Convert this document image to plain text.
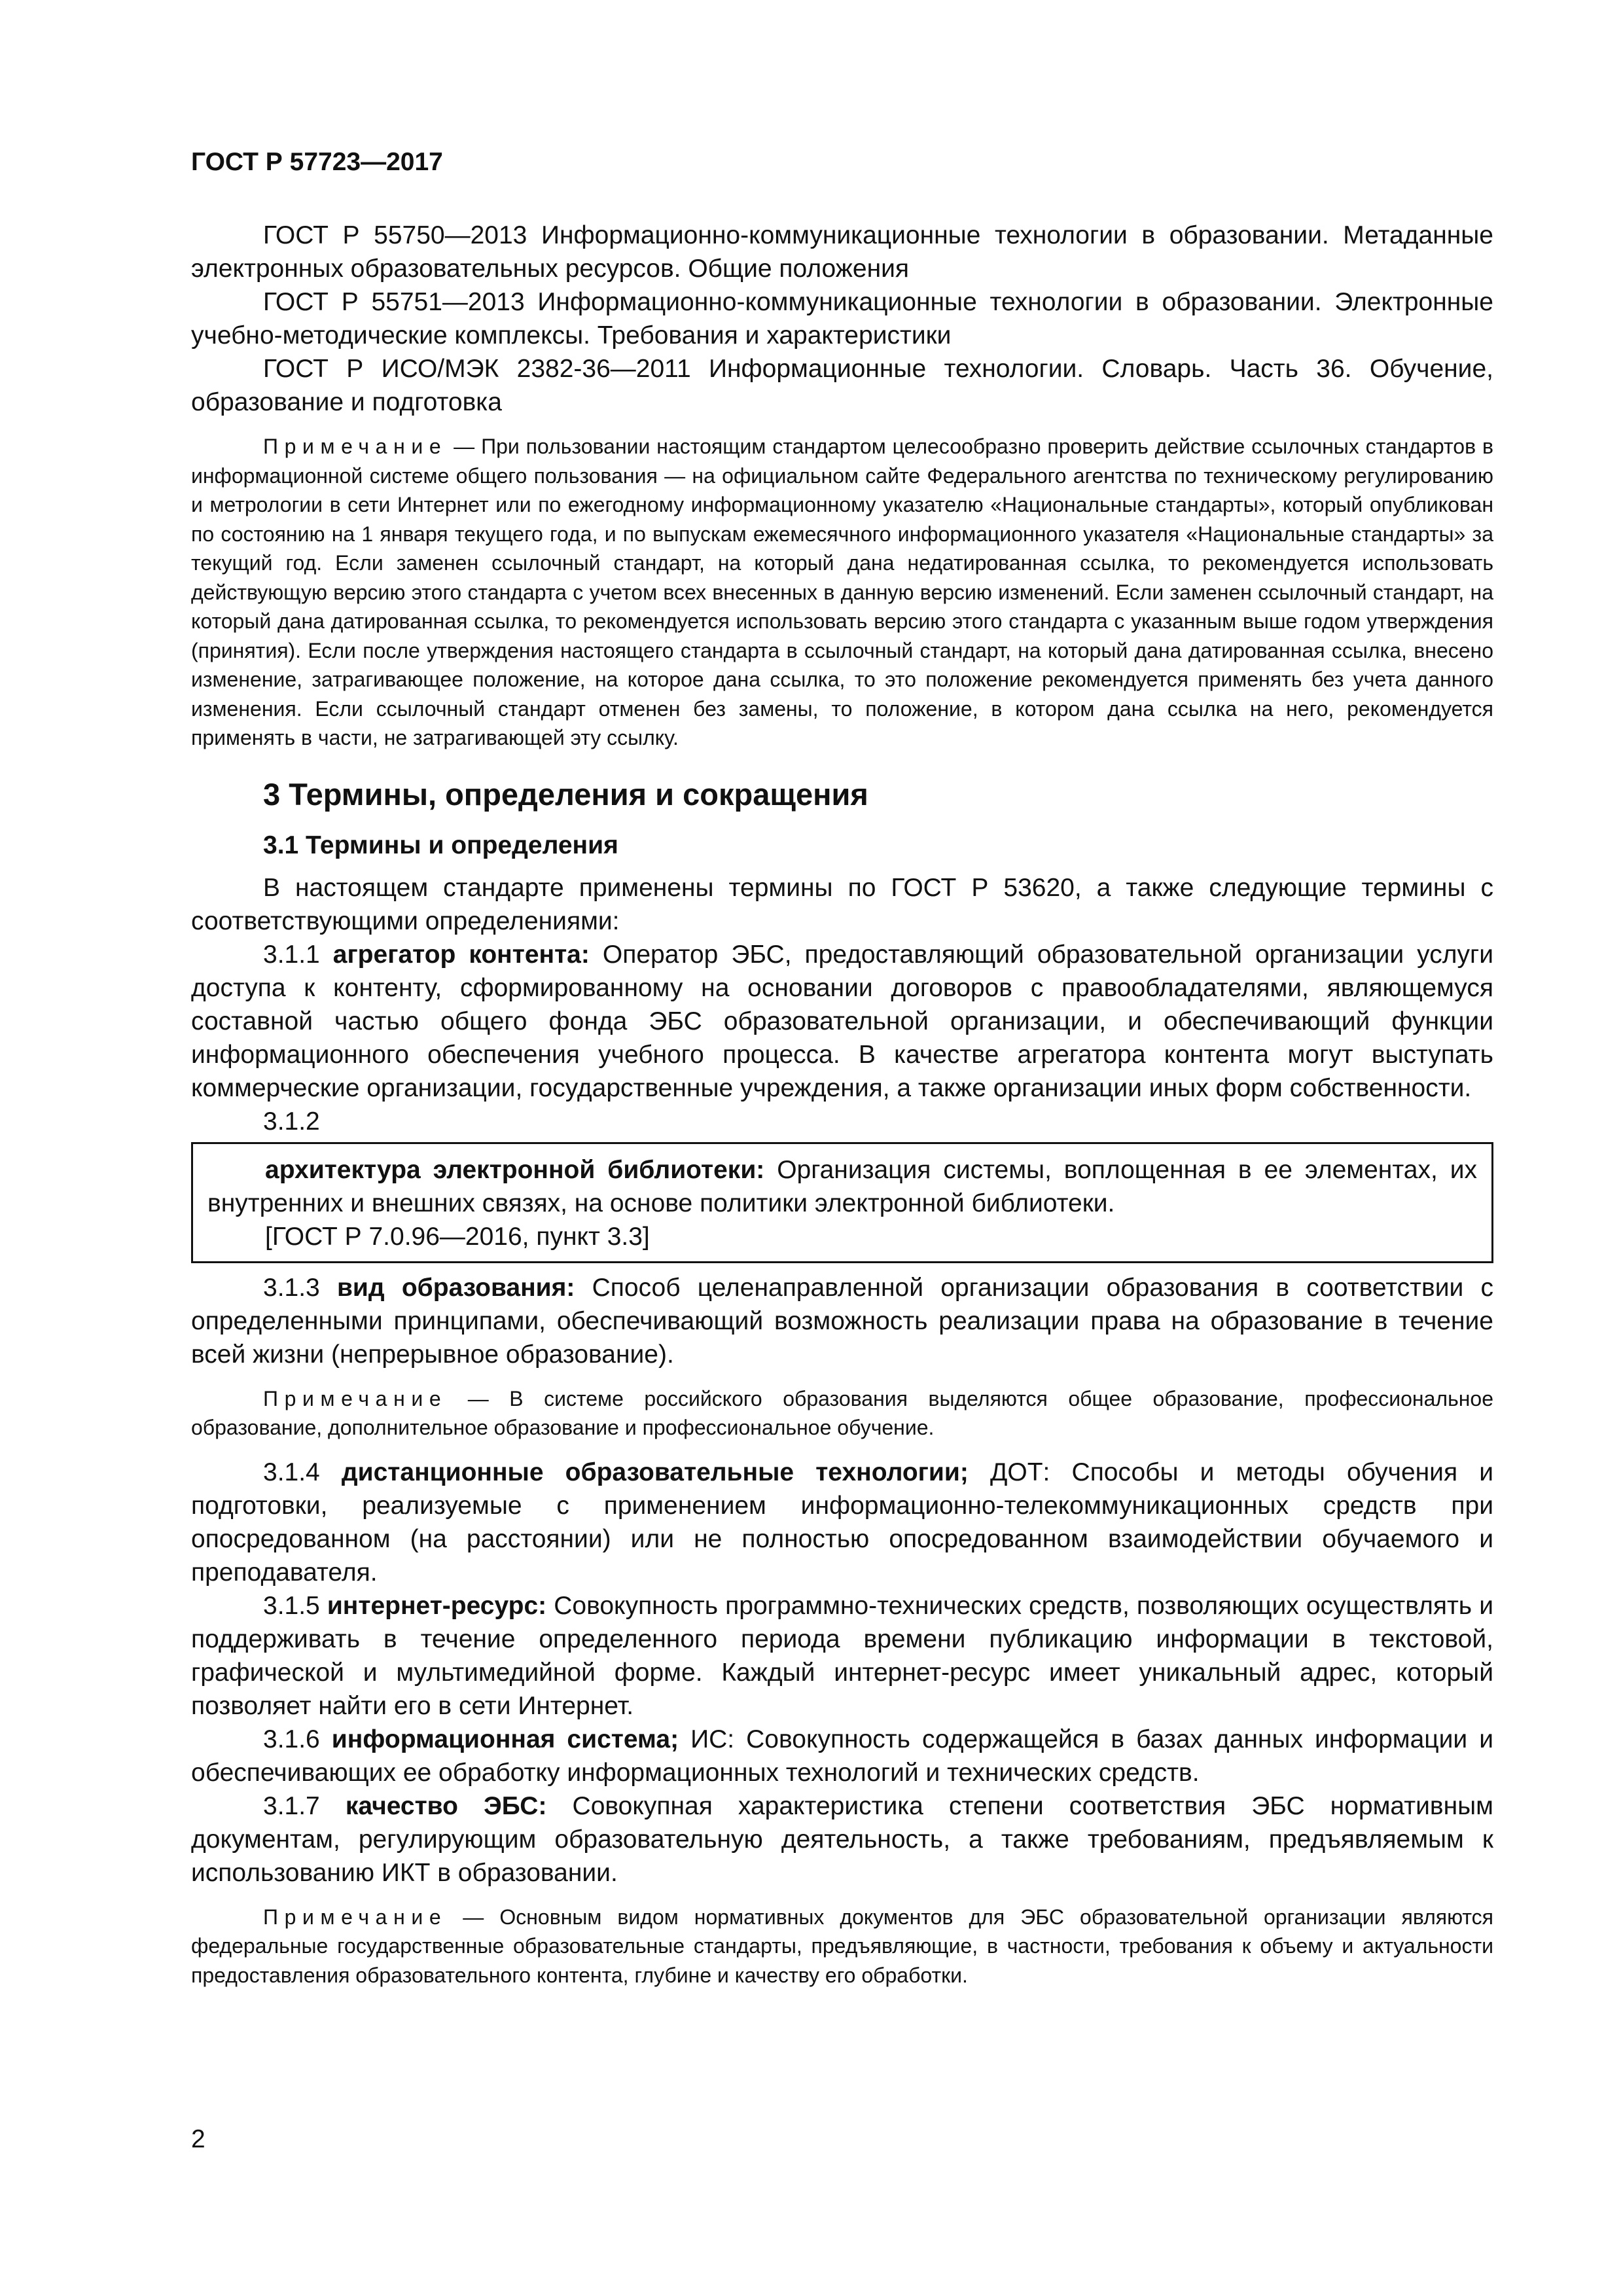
ГОСТ Р 57723—2017

ГОСТ Р 55750—2013 Информационно-коммуникационные технологии в образовании. Метаданные электронных образовательных ресурсов. Общие положения

ГОСТ Р 55751—2013 Информационно-коммуникационные технологии в образовании. Электронные учебно-методические комплексы. Требования и характеристики

ГОСТ Р ИСО/МЭК 2382-36—2011 Информационные технологии. Словарь. Часть 36. Обучение, образование и подготовка

Примечание — При пользовании настоящим стандартом целесообразно проверить действие ссылочных стандартов в информационной системе общего пользования — на официальном сайте Федерального агентства по техническому регулированию и метрологии в сети Интернет или по ежегодному информационному указателю «Национальные стандарты», который опубликован по состоянию на 1 января текущего года, и по выпускам ежемесячного информационного указателя «Национальные стандарты» за текущий год. Если заменен ссылочный стандарт, на который дана недатированная ссылка, то рекомендуется использовать действующую версию этого стандарта с учетом всех внесенных в данную версию изменений. Если заменен ссылочный стандарт, на который дана датированная ссылка, то рекомендуется использовать версию этого стандарта с указанным выше годом утверждения (принятия). Если после утверждения настоящего стандарта в ссылочный стандарт, на который дана датированная ссылка, внесено изменение, затрагивающее положение, на которое дана ссылка, то это положение рекомендуется применять без учета данного изменения. Если ссылочный стандарт отменен без замены, то положение, в котором дана ссылка на него, рекомендуется применять в части, не затрагивающей эту ссылку.

3 Термины, определения и сокращения

3.1 Термины и определения

В настоящем стандарте применены термины по ГОСТ Р 53620, а также следующие термины с соответствующими определениями:

3.1.1 агрегатор контента: Оператор ЭБС, предоставляющий образовательной организации услуги доступа к контенту, сформированному на основании договоров с правообладателями, являющемуся составной частью общего фонда ЭБС образовательной организации, и обеспечивающий функции информационного обеспечения учебного процесса. В качестве агрегатора контента могут выступать коммерческие организации, государственные учреждения, а также организации иных форм собственности.

3.1.2

архитектура электронной библиотеки: Организация системы, воплощенная в ее элементах, их внутренних и внешних связях, на основе политики электронной библиотеки.

[ГОСТ Р 7.0.96—2016, пункт 3.3]

3.1.3 вид образования: Способ целенаправленной организации образования в соответствии с определенными принципами, обеспечивающий возможность реализации права на образование в течение всей жизни (непрерывное образование).

Примечание — В системе российского образования выделяются общее образование, профессиональное образование, дополнительное образование и профессиональное обучение.

3.1.4 дистанционные образовательные технологии; ДОТ: Способы и методы обучения и подготовки, реализуемые с применением информационно-телекоммуникационных средств при опосредованном (на расстоянии) или не полностью опосредованном взаимодействии обучаемого и преподавателя.

3.1.5 интернет-ресурс: Совокупность программно-технических средств, позволяющих осуществлять и поддерживать в течение определенного периода времени публикацию информации в текстовой, графической и мультимедийной форме. Каждый интернет-ресурс имеет уникальный адрес, который позволяет найти его в сети Интернет.

3.1.6 информационная система; ИС: Совокупность содержащейся в базах данных информации и обеспечивающих ее обработку информационных технологий и технических средств.

3.1.7 качество ЭБС: Совокупная характеристика степени соответствия ЭБС нормативным документам, регулирующим образовательную деятельность, а также требованиям, предъявляемым к использованию ИКТ в образовании.

Примечание — Основным видом нормативных документов для ЭБС образовательной организации являются федеральные государственные образовательные стандарты, предъявляющие, в частности, требования к объему и актуальности предоставления образовательного контента, глубине и качеству его обработки.

2
